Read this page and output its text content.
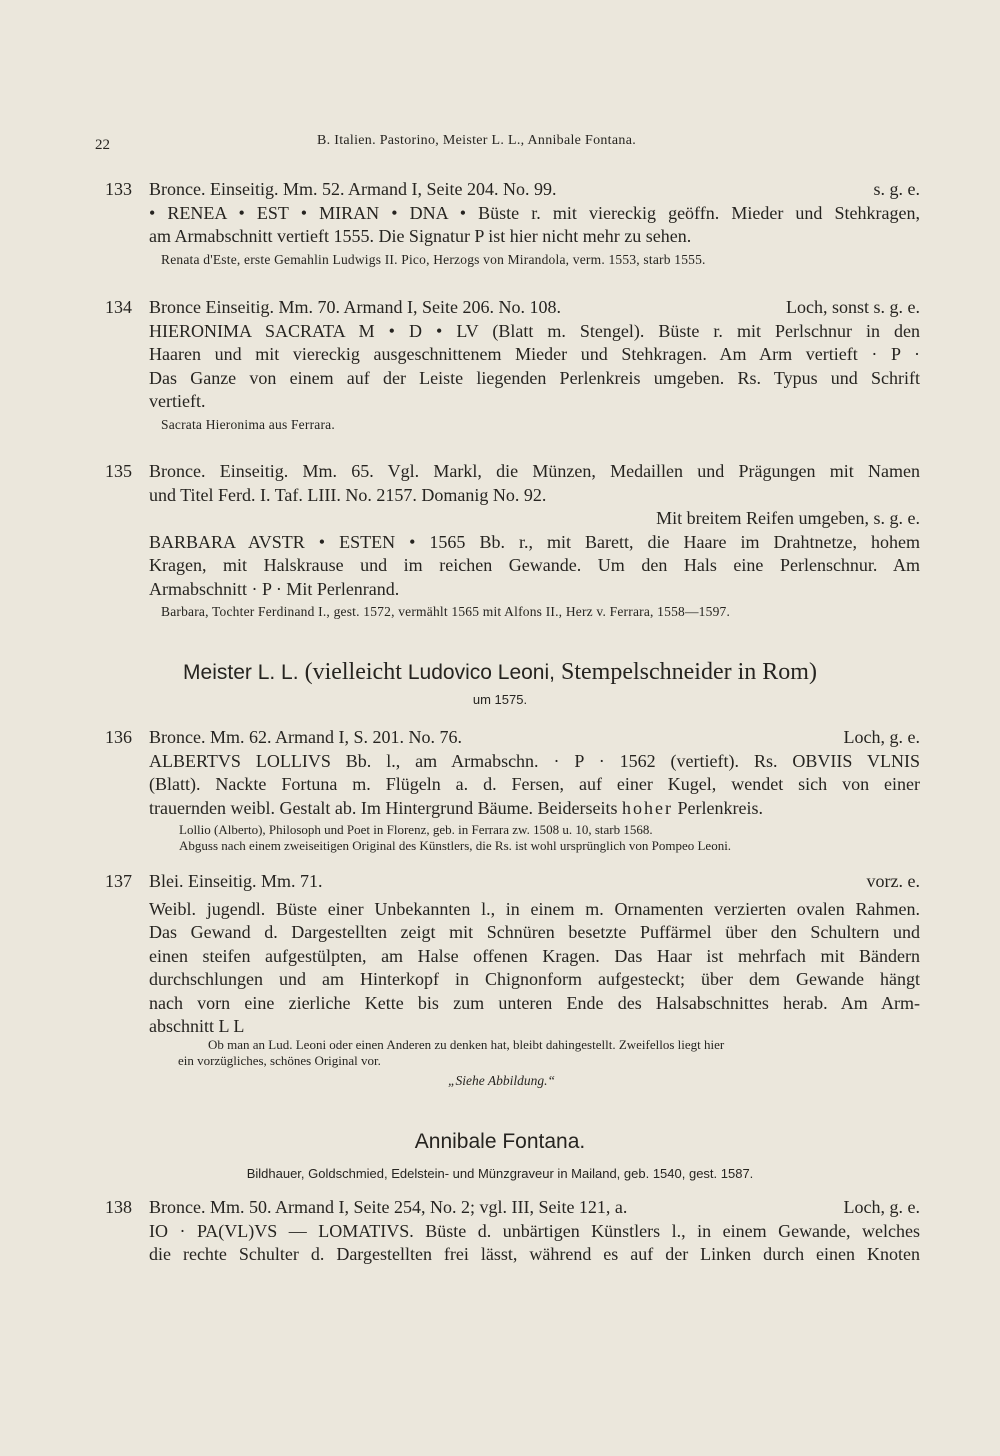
22	B. Italien. Pastorino, Meister L. L., Annibale Fontana.
133 Bronce. Einseitig. Mm. 52. Armand I, Seite 204. No. 99.	s. g. e.
• RENEA • EST • MIRAN • DNA • Büste r. mit viereckig geöffn. Mieder und Stehkragen,
am Armabschnitt vertieft 1555. Die Signatur P ist hier nicht mehr zu sehen.
Renata d'Este, erste Gemahlin Ludwigs II. Pico, Herzogs von Mirandola, verm. 1553, starb 1555.
134 Bronce Einseitig. Mm. 70. Armand I, Seite 206. No. 108.	Loch, sonst s. g. e.
HIERONIMA SACRATA M • D • LV (Blatt m. Stengel). Büste r. mit Perlschnur in den
Haaren und mit viereckig ausgeschnittenem Mieder und Stehkragen. Am Arm vertieft · P ·
Das Ganze von einem auf der Leiste liegenden Perlenkreis umgeben. Rs. Typus und Schrift
vertieft.
Sacrata Hieronima aus Ferrara.
135 Bronce. Einseitig. Mm. 65. Vgl. Markl, die Münzen, Medaillen und Prägungen mit Namen
und Titel Ferd. I. Taf. LIII. No. 2157. Domanig No. 92.
Mit breitem Reifen umgeben, s. g. e.
BARBARA AVSTR • ESTEN • 1565 Bb. r., mit Barett, die Haare im Drahtnetze, hohem
Kragen, mit Halskrause und im reichen Gewande. Um den Hals eine Perlenschnur. Am
Armabschnitt · P · Mit Perlenrand.
Barbara, Tochter Ferdinand I., gest. 1572, vermählt 1565 mit Alfons II., Herz v. Ferrara, 1558—1597.
Meister L. L. (vielleicht Ludovico Leoni, Stempelschneider in Rom)
um 1575.
136 Bronce. Mm. 62. Armand I, S. 201. No. 76.	Loch, g. e.
ALBERTVS LOLLIVS Bb. l., am Armabschn. · P · 1562 (vertieft). Rs. OBVIIS VLNIS
(Blatt). Nackte Fortuna m. Flügeln a. d. Fersen, auf einer Kugel, wendet sich von einer
trauernden weibl. Gestalt ab. Im Hintergrund Bäume. Beiderseits hoher Perlenkreis.
Lollio (Alberto), Philosoph und Poet in Florenz, geb. in Ferrara zw. 1508 u. 10, starb 1568.
Abguss nach einem zweiseitigen Original des Künstlers, die Rs. ist wohl ursprünglich von Pompeo Leoni.
137 Blei. Einseitig. Mm. 71.	vorz. e.
Weibl. jugendl. Büste einer Unbekannten l., in einem m. Ornamenten verzierten ovalen Rahmen.
Das Gewand d. Dargestellten zeigt mit Schnüren besetzte Puffärmel über den Schultern und
einen steifen aufgestülpten, am Halse offenen Kragen. Das Haar ist mehrfach mit Bändern
durchschlungen und am Hinterkopf in Chignonform aufgesteckt; über dem Gewande hängt
nach vorn eine zierliche Kette bis zum unteren Ende des Halsabschnittes herab. Am Arm-
abschnitt L L
Ob man an Lud. Leoni oder einen Anderen zu denken hat, bleibt dahingestellt. Zweifellos liegt hier
ein vorzügliches, schönes Original vor.
„Siehe Abbildung.“
Annibale Fontana.
Bildhauer, Goldschmied, Edelstein- und Münzgraveur in Mailand, geb. 1540, gest. 1587.
138 Bronce. Mm. 50. Armand I, Seite 254, No. 2; vgl. III, Seite 121, a.	Loch, g. e.
IO · PA(VL)VS — LOMATIVS. Büste d. unbärtigen Künstlers l., in einem Gewande, welches
die rechte Schulter d. Dargestellten frei lässt, während es auf der Linken durch einen Knoten
